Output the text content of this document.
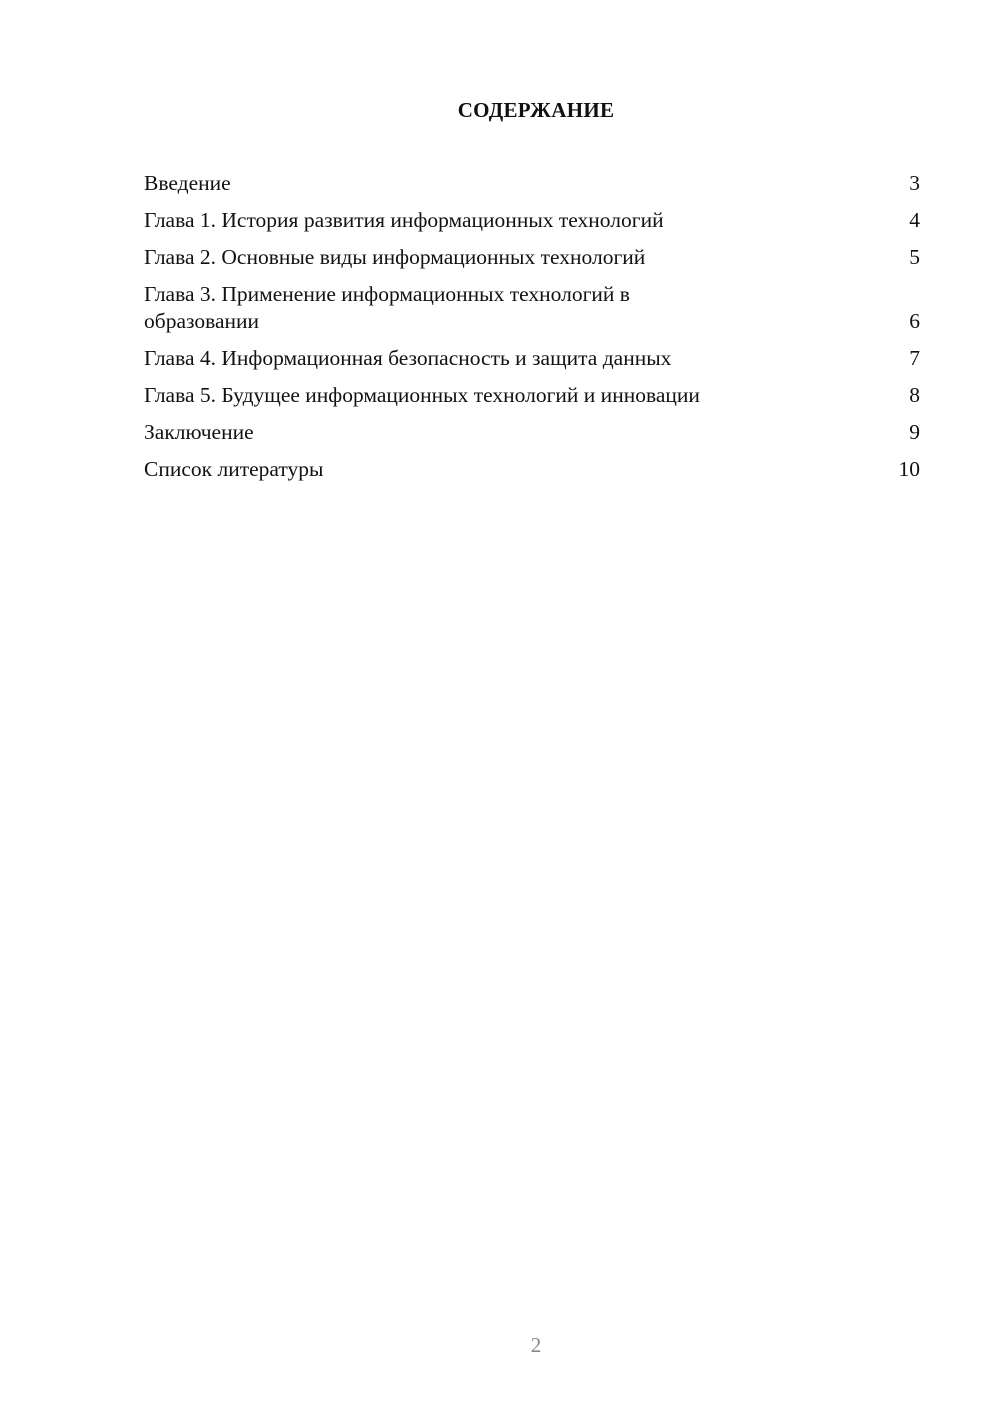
СОДЕРЖАНИЕ
Введение	3
Глава 1. История развития информационных технологий	4
Глава 2. Основные виды информационных технологий	5
Глава 3. Применение информационных технологий в образовании	6
Глава 4. Информационная безопасность и защита данных	7
Глава 5. Будущее информационных технологий и инновации	8
Заключение	9
Список литературы	10
2
